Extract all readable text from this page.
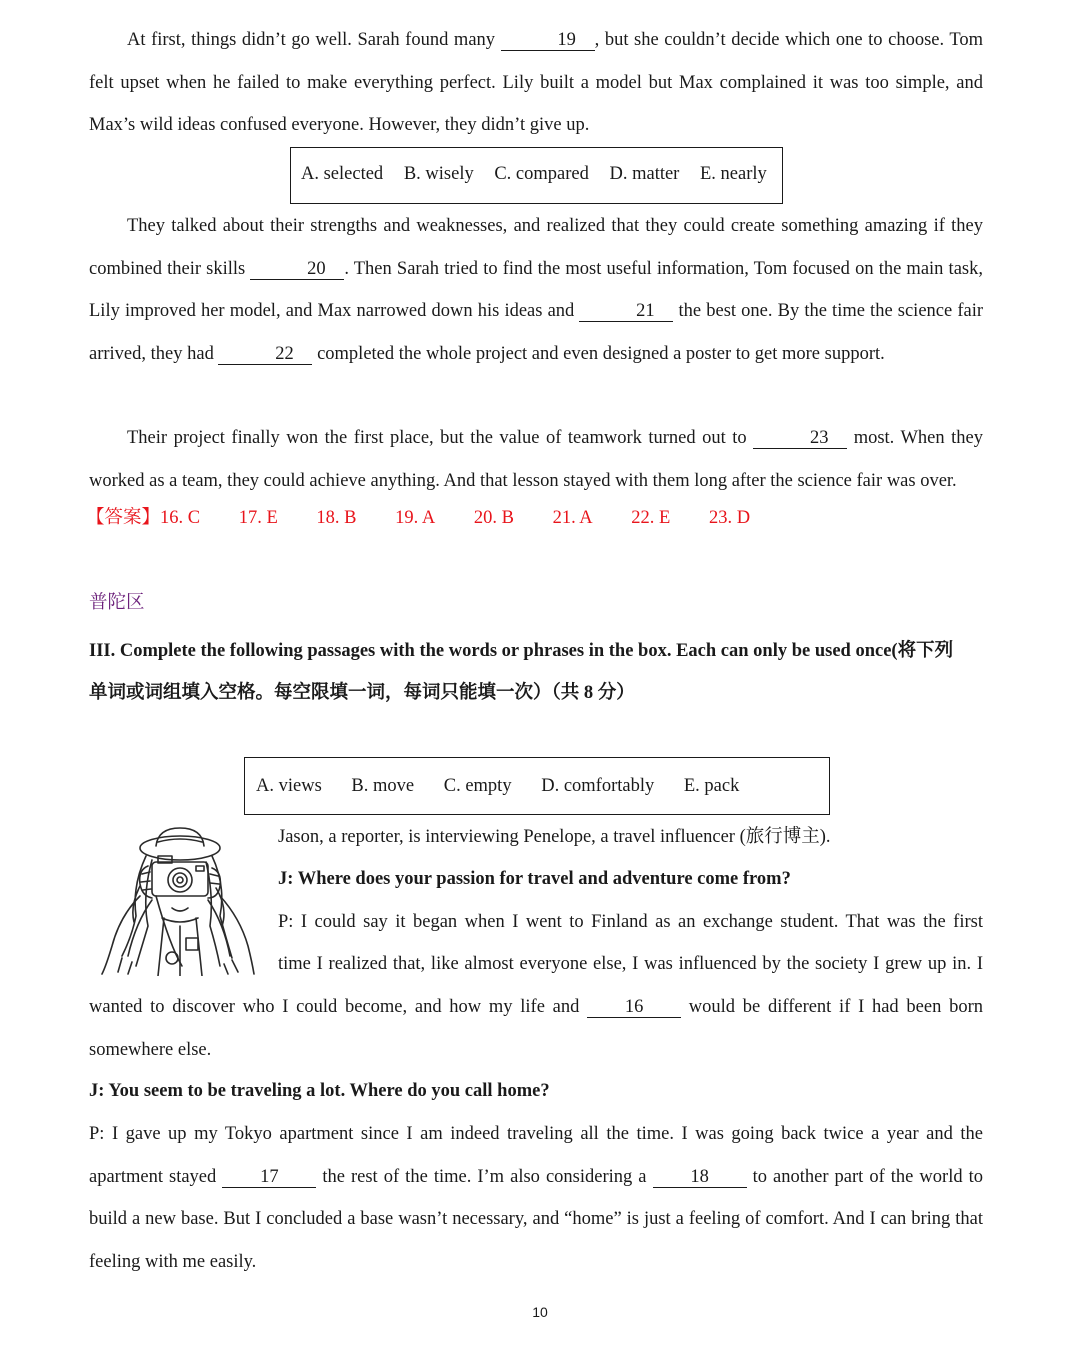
At first, things didn’t go well. Sarah found many	19 , but she couldn’t decide which one to choose. Tom felt upset when he failed to make everything perfect. Lily built a model but Max complained it was too simple, and Max’s wild ideas confused everyone. However, they didn’t give up.

A. selected B. wisely C. compared D. matter E. nearly

They talked about their strengths and weaknesses, and realized that they could create something amazing if they combined their skills	20 . Then Sarah tried to find the most useful information, Tom focused on the main task, Lily improved her model, and Max narrowed down his ideas and	21 the best one. By the time the science fair arrived, they had	22 completed the whole project and even designed a poster to get more support.

Their project finally won the first place, but the value of teamwork turned out to	23 most. When they worked as a team, they could achieve anything. And that lesson stayed with them long after the science fair was over.

【答案】16. C 17. E 18. B 19. A 20. B 21. A 22. E 23. D
普陀区
III. Complete the following passages with the words or phrases in the box. Each can only be used once(将下列
单词或词组填入空格。每空限填一词，每词只能填一次）（共 8 分）
A. views B. move C. empty D. comfortably E. pack

Jason, a reporter, is interviewing Penelope, a travel influencer (旅行博主).

J: Where does your passion for travel and adventure come from?

P: I could say it began when I went to Finland as an exchange student. That was the first

time I realized that, like almost everyone else, I was influenced by the society I grew up in. I

wanted to discover who I could become, and how my life and 16 would be different if I had been born somewhere else.

J: You seem to be traveling a lot. Where do you call home?

P: I gave up my Tokyo apartment since I am indeed traveling all the time. I was going back twice a year and the apartment stayed 17 the rest of the time. I’m also considering a 18 to another part of the world to build a new base. But I concluded a base wasn’t necessary, and “home” is just a feeling of comfort. And I can bring that feeling with me easily.

10
